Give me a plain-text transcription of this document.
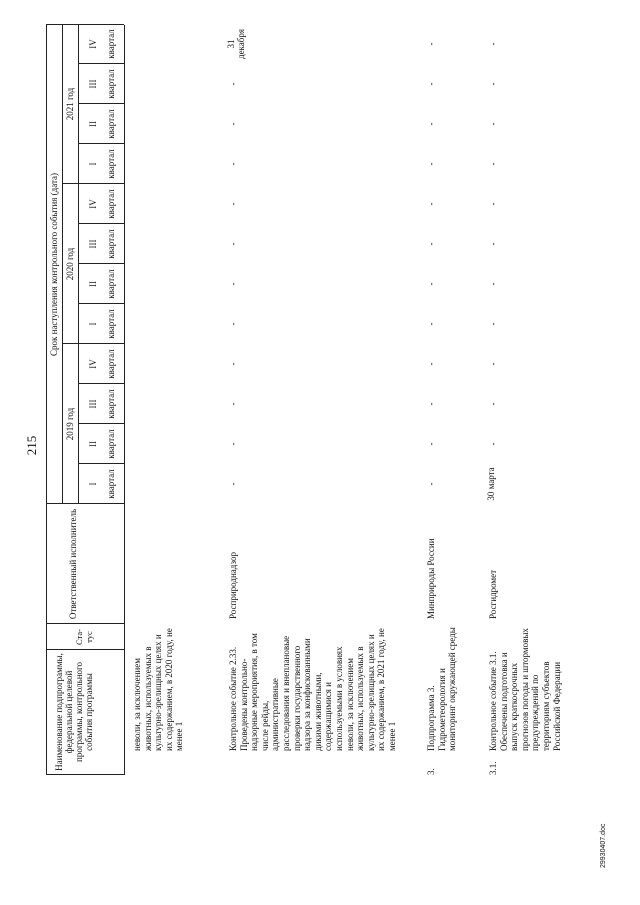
215
Наименование подпрограммы, федеральной целевой программы, контрольного события программы
Ста-тус
Ответственный исполнитель
Срок наступления контрольного события (дата)
2019 год
2020 год
2021 год
I квартал
II квартал
III квартал
IV квартал
I квартал
II квартал
III квартал
IV квартал
I квартал
II квартал
III квартал
IV квартал
неволи, за исключением животных, используемых в культурно-зрелищных целях и их содержанием, в 2020 году, не менее 1	Контрольное событие 2.33. Проведены контрольно-надзорные мероприятия, в том числе рейды, административные расследования и внеплановые проверки государственного надзора за конфискованными дикими животными, содержащимися и используемыми в условиях неволи, за исключением животных, используемых в культурно-зрелищных целях и их содержанием, в 2021 году, не менее 1
Росприроднадзор
-
-
-
-
-
-
-
-
-
-
-
31 декабря
3.
Подпрограмма 3. Гидрометеорология и мониторинг окружающей среды
Минприроды России
-
-
-
-
-
-
-
-
-
-
-
-
3.1.
Контрольное событие 3.1. Обеспечены подготовка и выпуск краткосрочных прогнозов погоды и штормовых предупреждений по территориям субъектов Российской Федерации
Росгидромет
30 марта
-
-
-
-
-
-
-
-
-
-
-
29930407.doc
